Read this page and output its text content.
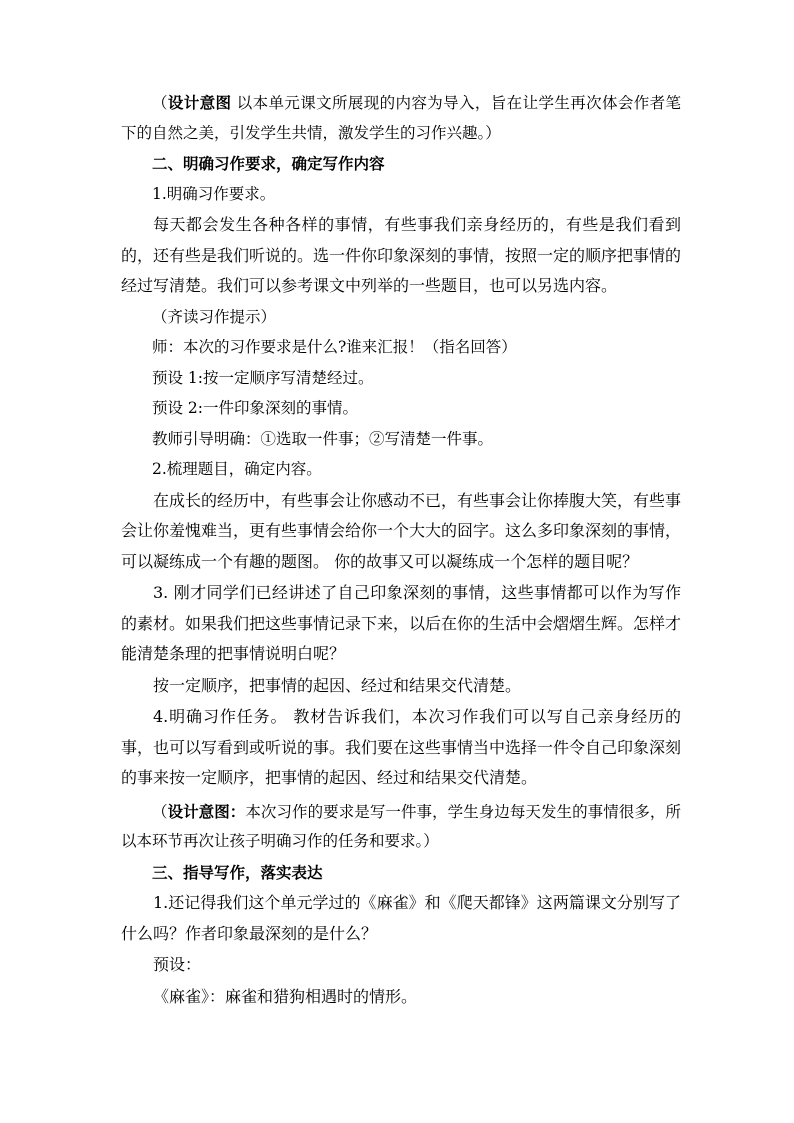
（设计意图 以本单元课文所展现的内容为导入，旨在让学生再次体会作者笔下的自然之美，引发学生共情，激发学生的习作兴趣。）

二、明确习作要求，确定写作内容

1.明确习作要求。

每天都会发生各种各样的事情，有些事我们亲身经历的，有些是我们看到的，还有些是我们听说的。选一件你印象深刻的事情，按照一定的顺序把事情的经过写清楚。我们可以参考课文中列举的一些题目，也可以另选内容。

（齐读习作提示）

师：本次的习作要求是什么?谁来汇报！（指名回答）

预设 1:按一定顺序写清楚经过。

预设 2:一件印象深刻的事情。

教师引导明确：①选取一件事；②写清楚一件事。

2.梳理题目，确定内容。

在成长的经历中，有些事会让你感动不已，有些事会让你捧腹大笑，有些事会让你羞愧难当，更有些事情会给你一个大大的囧字。这么多印象深刻的事情，可以凝练成一个有趣的题图。 你的故事又可以凝练成一个怎样的题目呢？

3. 刚才同学们已经讲述了自己印象深刻的事情，这些事情都可以作为写作的素材。如果我们把这些事情记录下来，以后在你的生活中会熠熠生辉。怎样才能清楚条理的把事情说明白呢？

按一定顺序，把事情的起因、经过和结果交代清楚。

4.明确习作任务。 教材告诉我们，本次习作我们可以写自己亲身经历的事，也可以写看到或听说的事。我们要在这些事情当中选择一件令自己印象深刻的事来按一定顺序，把事情的起因、经过和结果交代清楚。

（设计意图：本次习作的要求是写一件事，学生身边每天发生的事情很多，所以本环节再次让孩子明确习作的任务和要求。）

三、指导写作，落实表达

1.还记得我们这个单元学过的《麻雀》和《爬天都锋》这两篇课文分别写了什么吗？作者印象最深刻的是什么？

预设：

《麻雀》：麻雀和猎狗相遇时的情形。
